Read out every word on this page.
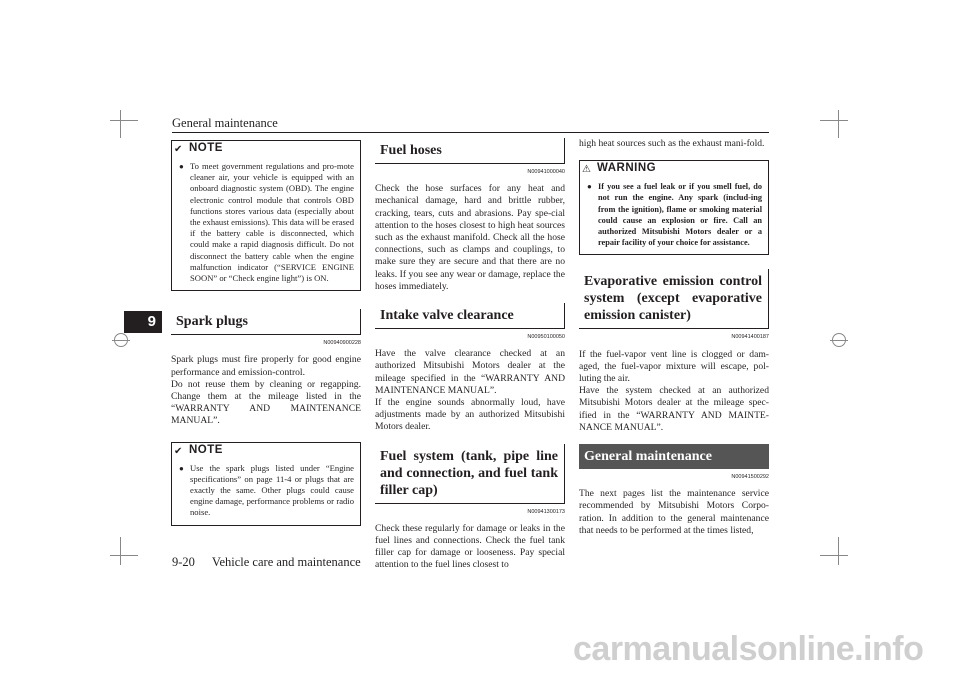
General maintenance
9
9-20 Vehicle care and maintenance
✔ NOTE
● To meet government regulations and pro-mote cleaner air, your vehicle is equipped with an onboard diagnostic system (OBD). The engine electronic control module that controls OBD functions stores various data (especially about the exhaust emissions). This data will be erased if the battery cable is disconnected, which could make a rapid diagnosis difficult. Do not disconnect the battery cable when the engine malfunction indicator (“SERVICE ENGINE SOON” or “Check engine light”) is ON.
Spark plugs
N00940900228

Spark plugs must fire properly for good engine performance and emission-control.

Do not reuse them by cleaning or regapping. Change them at the mileage listed in the “WARRANTY AND MAINTENANCE MANUAL”.

✔ NOTE
● Use the spark plugs listed under “Engine specifications” on page 11-4 or plugs that are exactly the same. Other plugs could cause engine damage, performance problems or radio noise.
Fuel hoses
N00941000040

Check the hose surfaces for any heat and mechanical damage, hard and brittle rubber, cracking, tears, cuts and abrasions. Pay spe-cial attention to the hoses closest to high heat sources such as the exhaust manifold. Check all the hose connections, such as clamps and couplings, to make sure they are secure and that there are no leaks. If you see any wear or damage, replace the hoses immediately.

Intake valve clearance
N00950100050

Have the valve clearance checked at an authorized Mitsubishi Motors dealer at the mileage specified in the “WARRANTY AND MAINTENANCE MANUAL”.

If the engine sounds abnormally loud, have adjustments made by an authorized Mitsubishi Motors dealer.

Fuel system (tank, pipe line and connection, and fuel tank filler cap)
N00941300173

Check these regularly for damage or leaks in the fuel lines and connections. Check the fuel tank filler cap for damage or looseness. Pay special attention to the fuel lines closest to

high heat sources such as the exhaust mani-fold.

⚠ WARNING
● If you see a fuel leak or if you smell fuel, do not run the engine. Any spark (includ-ing from the ignition), flame or smoking material could cause an explosion or fire. Call an authorized Mitsubishi Motors dealer or a repair facility of your choice for assistance.
Evaporative emission control system (except evaporative emission canister)
N00941400187

If the fuel-vapor vent line is clogged or dam-aged, the fuel-vapor mixture will escape, pol-luting the air.

Have the system checked at an authorized Mitsubishi Motors dealer at the mileage spec-ified in the “WARRANTY AND MAINTE-NANCE MANUAL”.

General maintenance
N00941500292

The next pages list the maintenance service recommended by Mitsubishi Motors Corpo-ration. In addition to the general maintenance that needs to be performed at the times listed,

carmanualsonline.info
